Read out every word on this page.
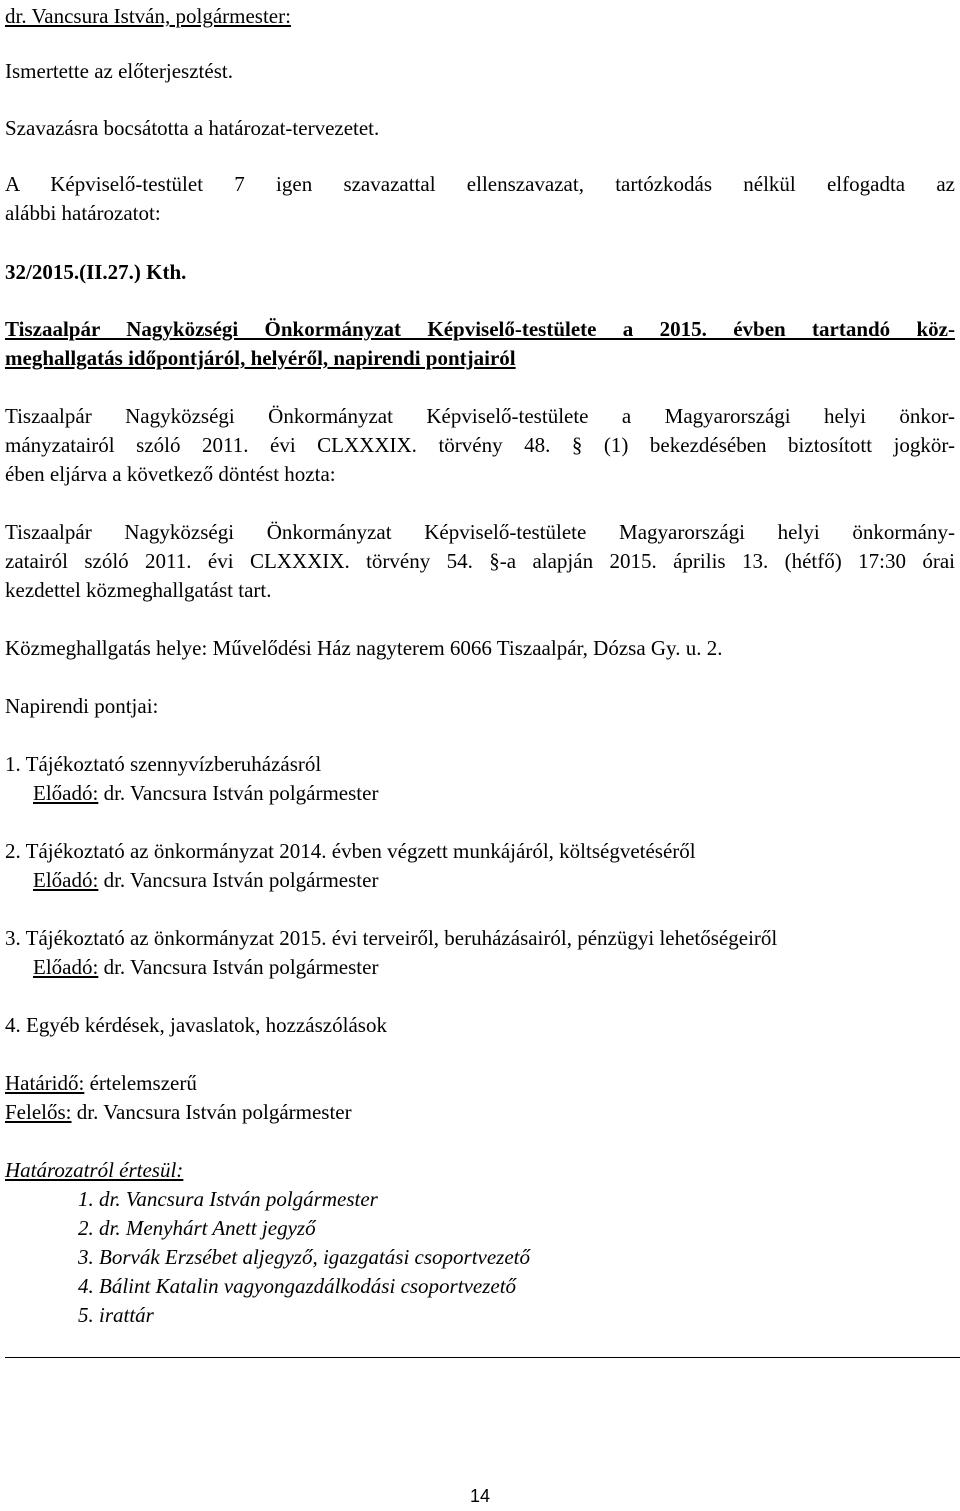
dr. Vancsura István, polgármester:
Ismertette az előterjesztést.
Szavazásra bocsátotta a határozat-tervezetet.
A Képviselő-testület 7 igen szavazattal ellenszavazat, tartózkodás nélkül elfogadta az
alábbi határozatot:
32/2015.(II.27.) Kth.
Tiszaalpár Nagyközségi Önkormányzat Képviselő-testülete a 2015. évben tartandó köz-
meghallgatás időpontjáról, helyéről, napirendi pontjairól
Tiszaalpár Nagyközségi Önkormányzat Képviselő-testülete a Magyarországi helyi önkor-
mányzatairól szóló 2011. évi CLXXXIX. törvény 48. § (1) bekezdésében biztosított jogkör-
ében eljárva a következő döntést hozta:
Tiszaalpár Nagyközségi Önkormányzat Képviselő-testülete Magyarországi helyi önkormány-
zatairól szóló 2011. évi CLXXXIX. törvény 54. §-a alapján 2015. április 13. (hétfő) 17:30 órai
kezdettel közmeghallgatást tart.
Közmeghallgatás helye: Művelődési Ház nagyterem 6066 Tiszaalpár, Dózsa Gy. u. 2.
Napirendi pontjai:
1. Tájékoztató szennyvízberuházásról
Előadó: dr. Vancsura István polgármester
2. Tájékoztató az önkormányzat 2014. évben végzett munkájáról, költségvetéséről
Előadó: dr. Vancsura István polgármester
3. Tájékoztató az önkormányzat 2015. évi terveiről, beruházásairól, pénzügyi lehetőségeiről
Előadó: dr. Vancsura István polgármester
4. Egyéb kérdések, javaslatok, hozzászólások
Határidő: értelemszerű
Felelős: dr. Vancsura István polgármester
Határozatról értesül:
1. dr. Vancsura István polgármester
2. dr. Menyhárt Anett jegyző
3. Borvák Erzsébet aljegyző, igazgatási csoportvezető
4. Bálint Katalin vagyongazdálkodási csoportvezető
5. irattár
14
